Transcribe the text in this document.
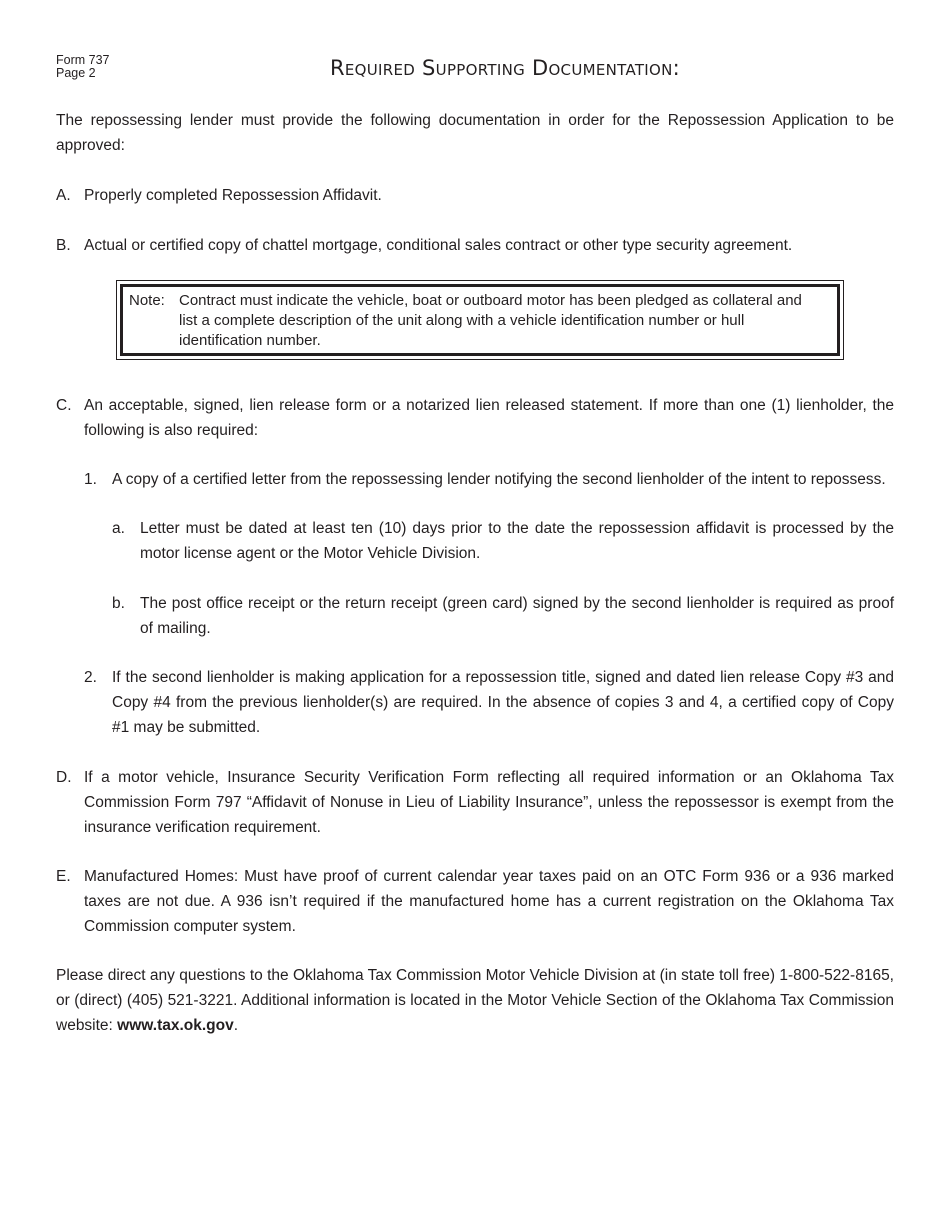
Form 737
Page 2	Required Supporting Documentation:

The repossessing lender must provide the following documentation in order for the Repossession Application to be approved:

A. Properly completed Repossession Affidavit.
B. Actual or certified copy of chattel mortgage, conditional sales contract or other type security agreement.
Note: Contract must indicate the vehicle, boat or outboard motor has been pledged as collateral and list a complete description of the unit along with a vehicle identification number or hull identification number.
C. An acceptable, signed, lien release form or a notarized lien released statement. If more than one (1) lienholder, the following is also required:
1. A copy of a certified letter from the repossessing lender notifying the second lienholder of the intent to repossess.
a. Letter must be dated at least ten (10) days prior to the date the repossession affidavit is processed by the motor license agent or the Motor Vehicle Division.
b. The post office receipt or the return receipt (green card) signed by the second lienholder is required as proof of mailing.
2. If the second lienholder is making application for a repossession title, signed and dated lien release Copy #3 and Copy #4 from the previous lienholder(s) are required. In the absence of copies 3 and 4, a certified copy of Copy #1 may be submitted.
D. If a motor vehicle, Insurance Security Verification Form reflecting all required information or an Oklahoma Tax Commission Form 797 “Affidavit of Nonuse in Lieu of Liability Insurance”, unless the repossessor is exempt from the insurance verification requirement.
E. Manufactured Homes: Must have proof of current calendar year taxes paid on an OTC Form 936 or a 936 marked taxes are not due. A 936 isn’t required if the manufactured home has a current registration on the Oklahoma Tax Commission computer system.

Please direct any questions to the Oklahoma Tax Commission Motor Vehicle Division at (in state toll free) 1-800-522-8165, or (direct) (405) 521-3221. Additional information is located in the Motor Vehicle Section of the Oklahoma Tax Commission website: www.tax.ok.gov.
